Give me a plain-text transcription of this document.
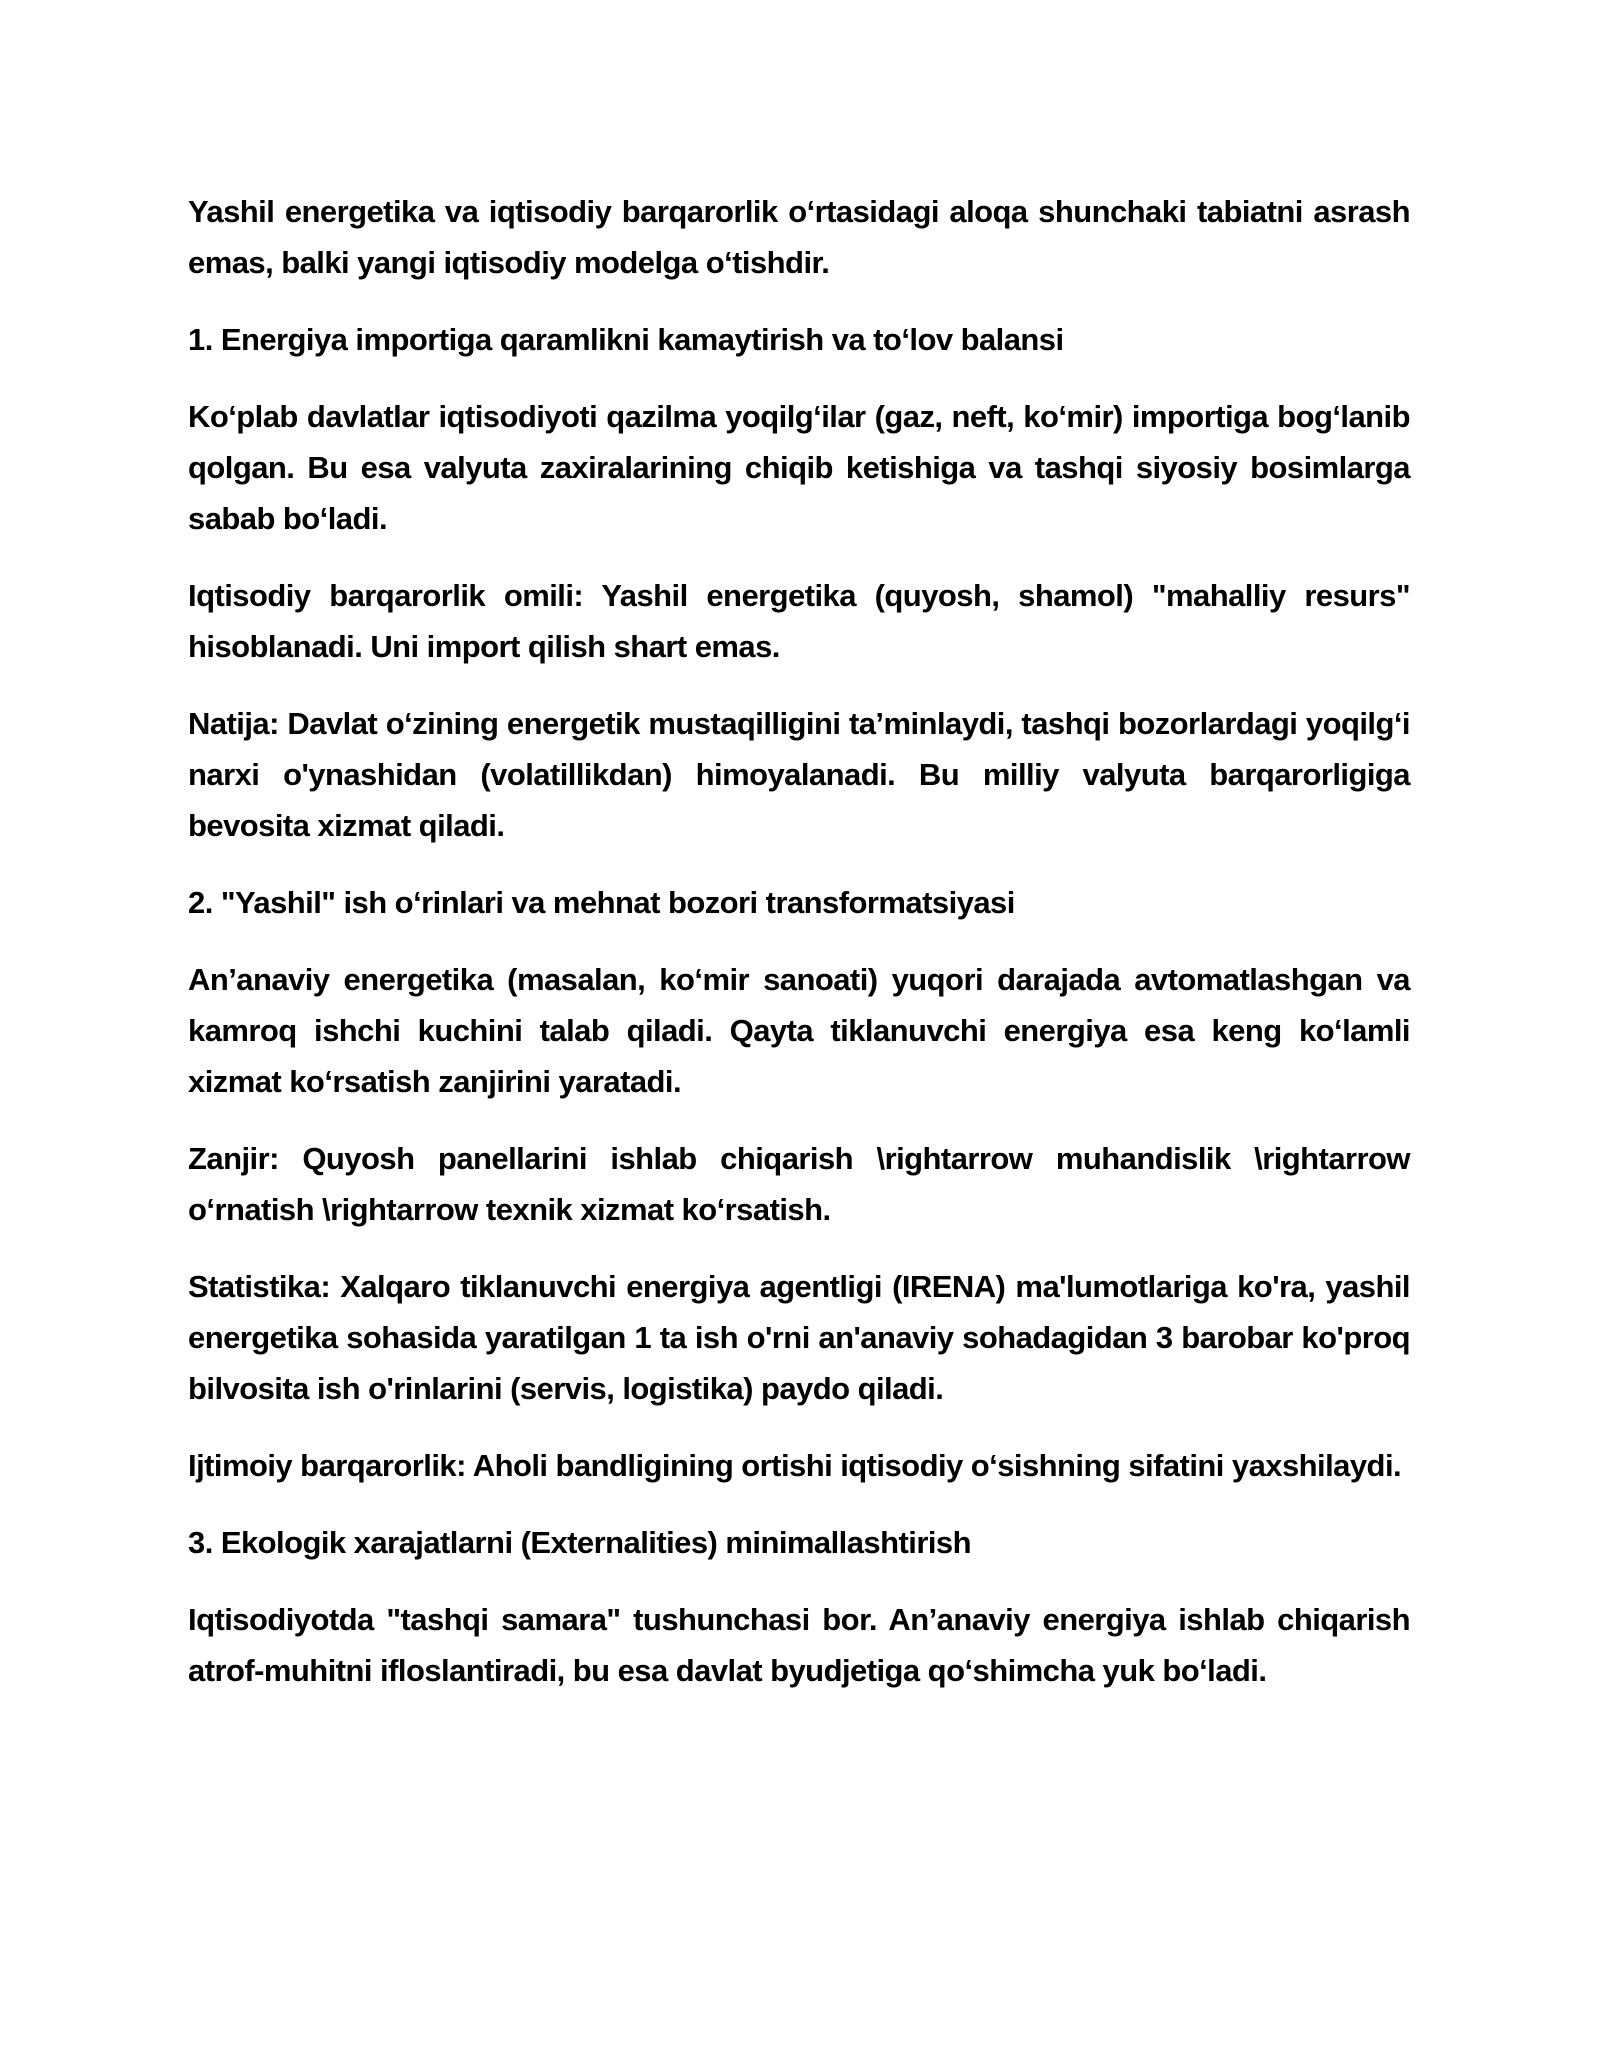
Yashil energetika va iqtisodiy barqarorlik o‘rtasidagi aloqa shunchaki tabiatni asrash emas, balki yangi iqtisodiy modelga o‘tishdir.

1. Energiya importiga qaramlikni kamaytirish va to‘lov balansi

Ko‘plab davlatlar iqtisodiyoti qazilma yoqilg‘ilar (gaz, neft, ko‘mir) importiga bog‘lanib qolgan. Bu esa valyuta zaxiralarining chiqib ketishiga va tashqi siyosiy bosimlarga sabab bo‘ladi.

Iqtisodiy barqarorlik omili: Yashil energetika (quyosh, shamol) "mahalliy resurs" hisoblanadi. Uni import qilish shart emas.

Natija: Davlat o‘zining energetik mustaqilligini ta’minlaydi, tashqi bozorlardagi yoqilg‘i narxi o'ynashidan (volatillikdan) himoyalanadi. Bu milliy valyuta barqarorligiga bevosita xizmat qiladi.

2. "Yashil" ish o‘rinlari va mehnat bozori transformatsiyasi

An’anaviy energetika (masalan, ko‘mir sanoati) yuqori darajada avtomatlashgan va kamroq ishchi kuchini talab qiladi. Qayta tiklanuvchi energiya esa keng ko‘lamli xizmat ko‘rsatish zanjirini yaratadi.

Zanjir: Quyosh panellarini ishlab chiqarish \rightarrow muhandislik \rightarrow o‘rnatish \rightarrow texnik xizmat ko‘rsatish.

Statistika: Xalqaro tiklanuvchi energiya agentligi (IRENA) ma'lumotlariga ko'ra, yashil energetika sohasida yaratilgan 1 ta ish o'rni an'anaviy sohadagidan 3 barobar ko'proq bilvosita ish o'rinlarini (servis, logistika) paydo qiladi.

Ijtimoiy barqarorlik: Aholi bandligining ortishi iqtisodiy o‘sishning sifatini yaxshilaydi.

3. Ekologik xarajatlarni (Externalities) minimallashtirish

Iqtisodiyotda "tashqi samara" tushunchasi bor. An’anaviy energiya ishlab chiqarish atrof-muhitni ifloslantiradi, bu esa davlat byudjetiga qo‘shimcha yuk bo‘ladi.
